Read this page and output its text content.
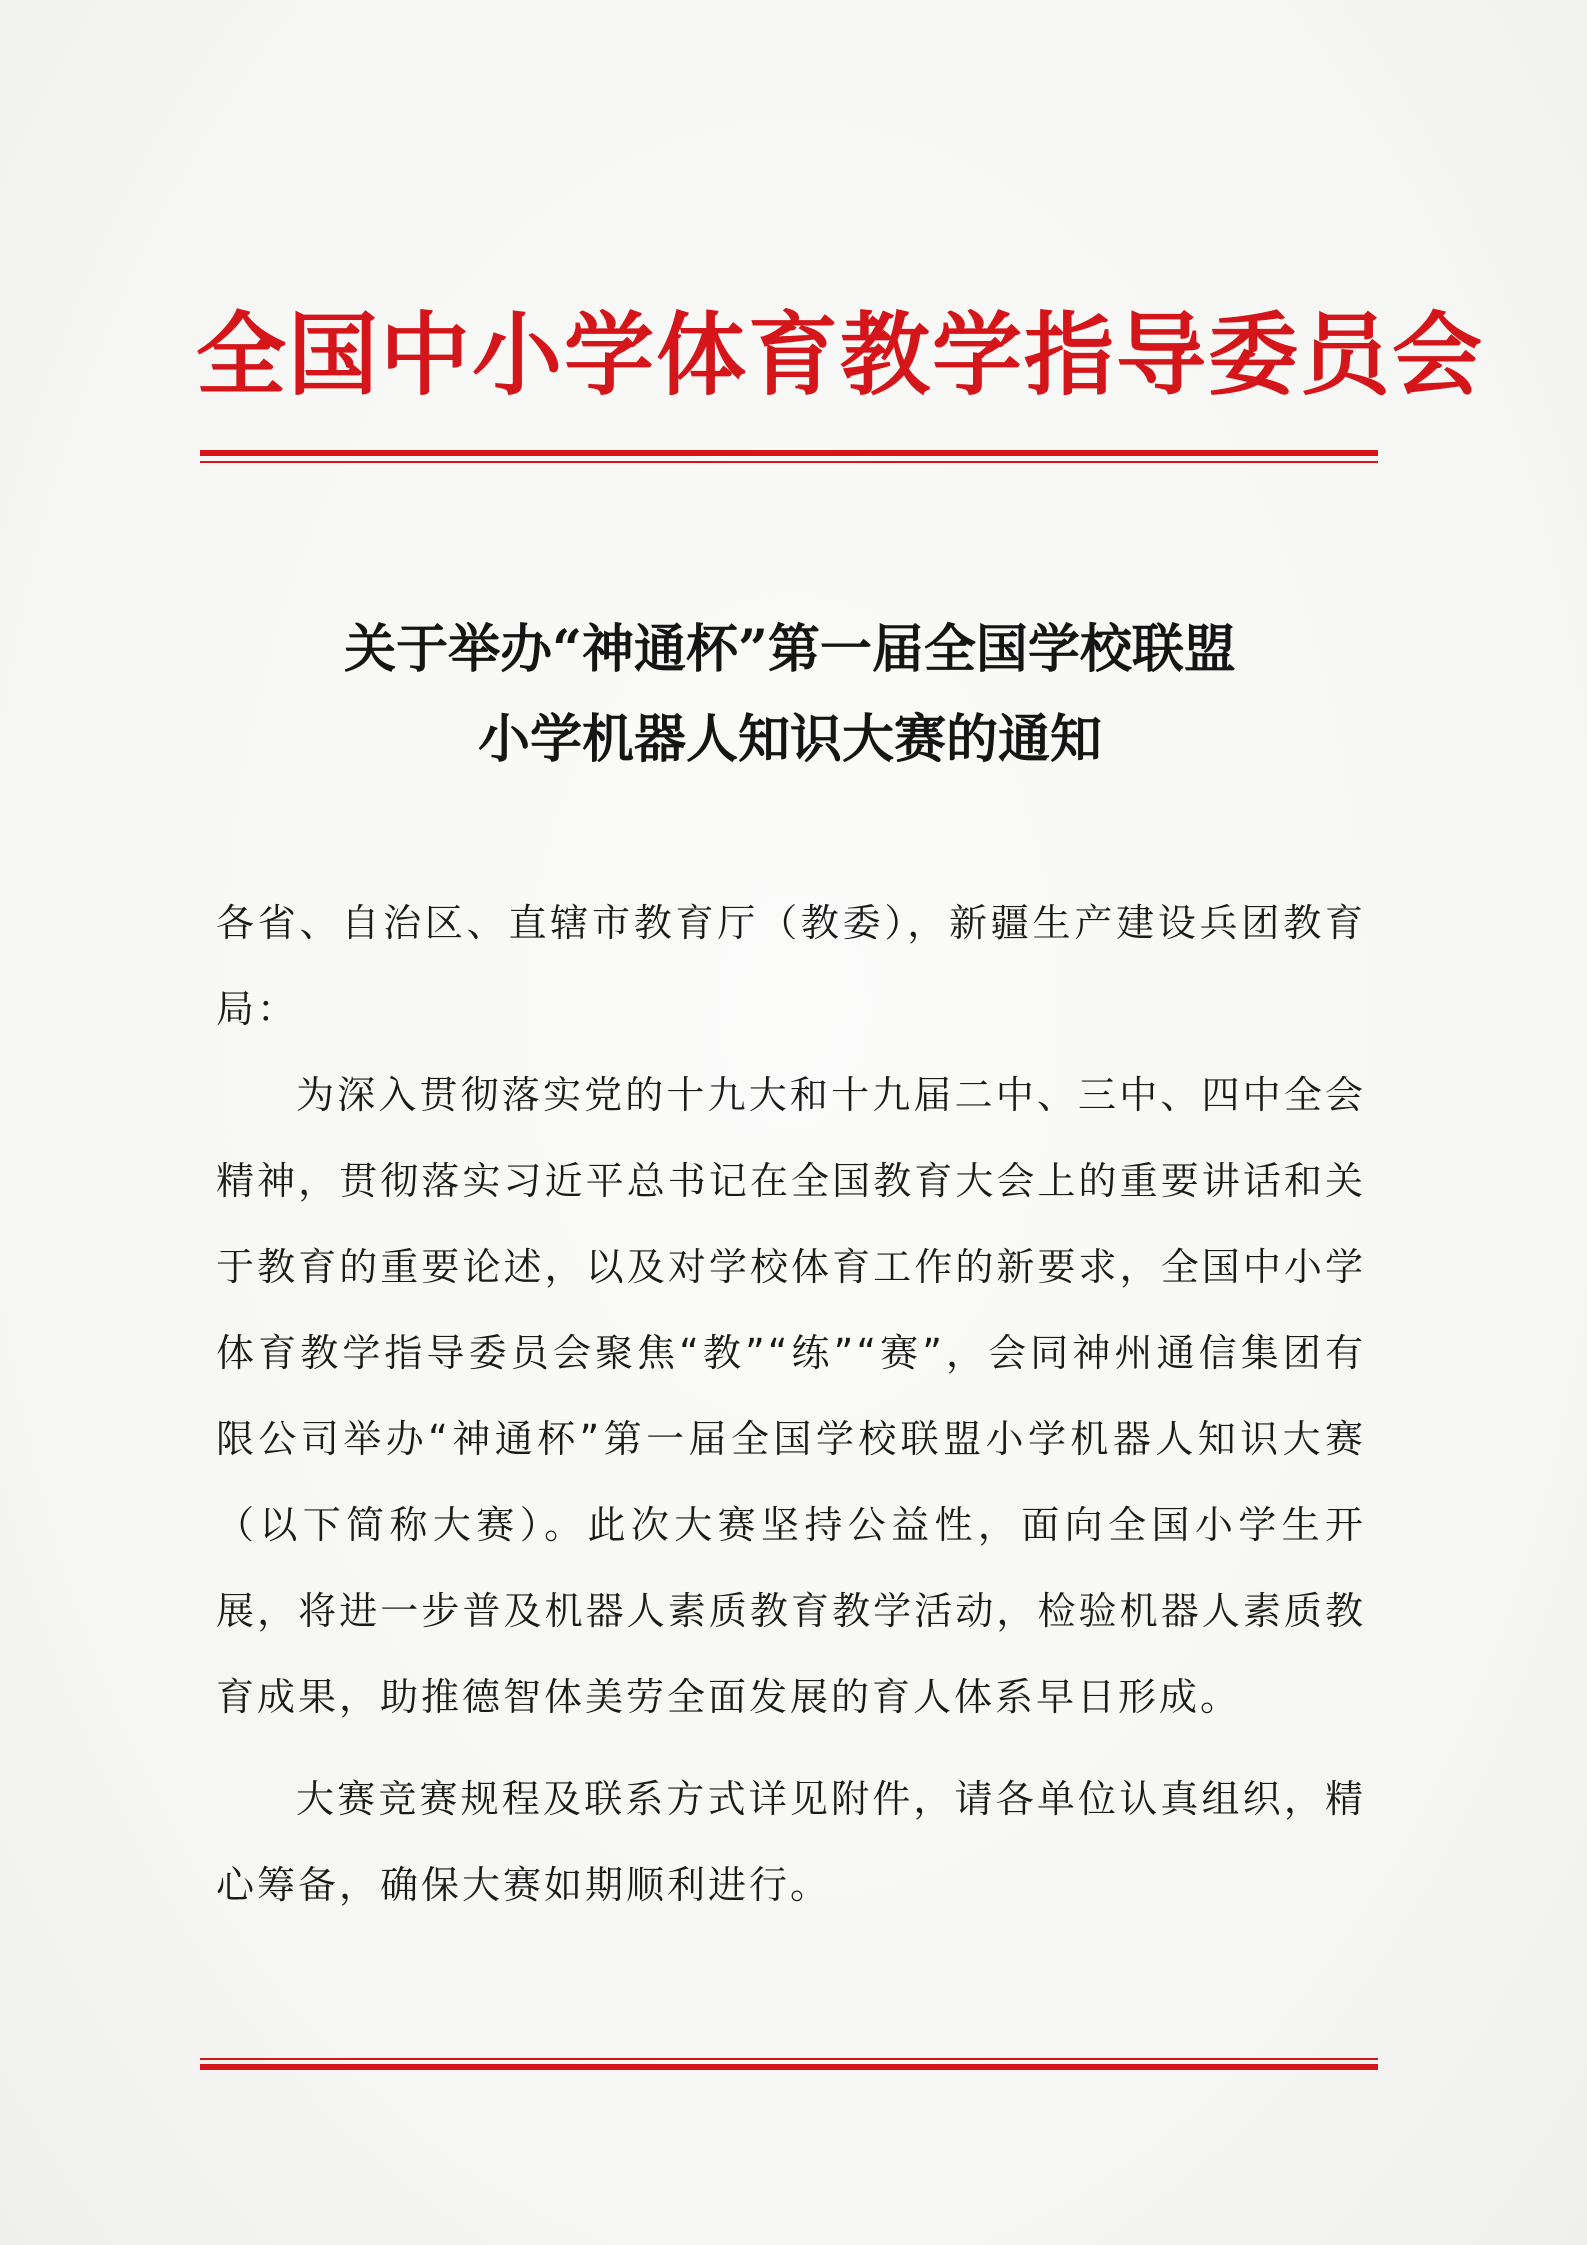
全国中小学体育教学指导委员会
关于举办“神通杯”第一届全国学校联盟
小学机器人知识大赛的通知

各省、自治区、直辖市教育厅（教委），新疆生产建设兵团教育局：

为深入贯彻落实党的十九大和十九届二中、三中、四中全会精神，贯彻落实习近平总书记在全国教育大会上的重要讲话和关于教育的重要论述，以及对学校体育工作的新要求，全国中小学体育教学指导委员会聚焦“教”“练”“赛”，会同神州通信集团有限公司举办“神通杯”第一届全国学校联盟小学机器人知识大赛（以下简称大赛）。此次大赛坚持公益性，面向全国小学生开展，将进一步普及机器人素质教育教学活动，检验机器人素质教育成果，助推德智体美劳全面发展的育人体系早日形成。

大赛竞赛规程及联系方式详见附件，请各单位认真组织，精心筹备，确保大赛如期顺利进行。
